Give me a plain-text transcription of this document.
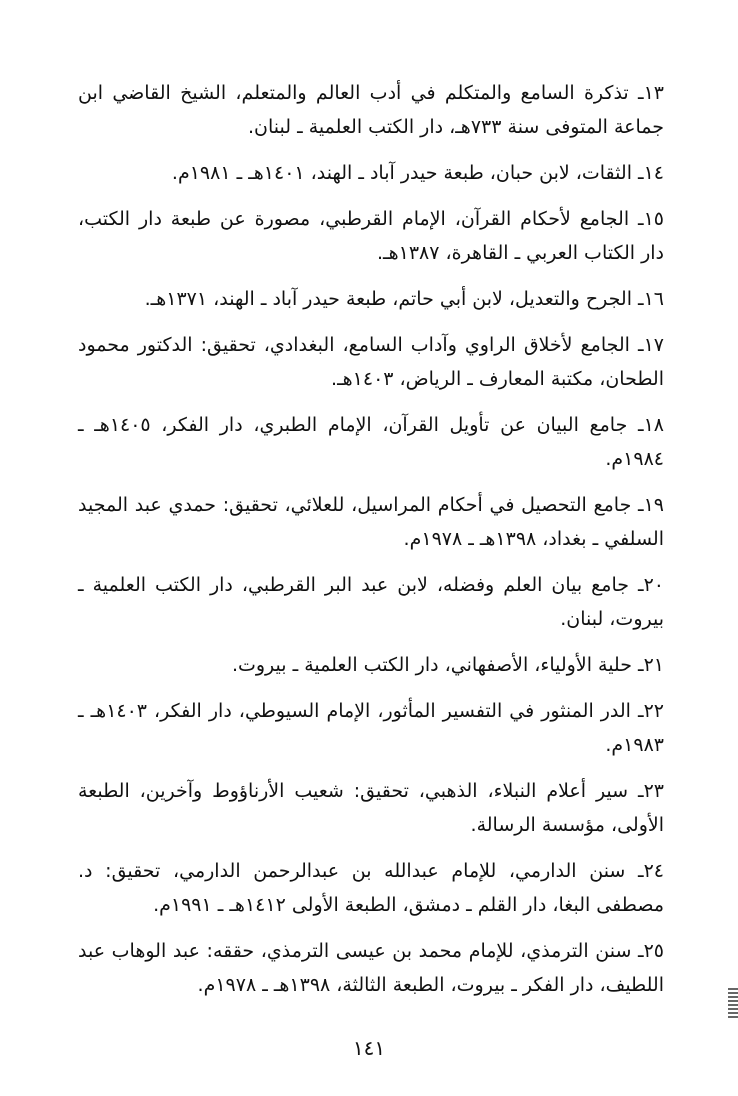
١٣ـ تذكرة السامع والمتكلم في أدب العالم والمتعلم، الشيخ القاضي ابن جماعة المتوفى سنة ٧٣٣هـ، دار الكتب العلمية ـ لبنان.

١٤ـ الثقات، لابن حبان، طبعة حيدر آباد ـ الهند، ١٤٠١هـ ـ ١٩٨١م.

١٥ـ الجامع لأحكام القرآن، الإمام القرطبي، مصورة عن طبعة دار الكتب، دار الكتاب العربي ـ القاهرة، ١٣٨٧هـ.

١٦ـ الجرح والتعديل، لابن أبي حاتم، طبعة حيدر آباد ـ الهند، ١٣٧١هـ.

١٧ـ الجامع لأخلاق الراوي وآداب السامع، البغدادي، تحقيق: الدكتور محمود الطحان، مكتبة المعارف ـ الرياض، ١٤٠٣هـ.

١٨ـ جامع البيان عن تأويل القرآن، الإمام الطبري، دار الفكر، ١٤٠٥هـ ـ ١٩٨٤م.

١٩ـ جامع التحصيل في أحكام المراسيل، للعلائي، تحقيق: حمدي عبد المجيد السلفي ـ بغداد، ١٣٩٨هـ ـ ١٩٧٨م.

٢٠ـ جامع بيان العلم وفضله، لابن عبد البر القرطبي، دار الكتب العلمية ـ بيروت، لبنان.

٢١ـ حلية الأولياء، الأصفهاني، دار الكتب العلمية ـ بيروت.

٢٢ـ الدر المنثور في التفسير المأثور، الإمام السيوطي، دار الفكر، ١٤٠٣هـ ـ ١٩٨٣م.

٢٣ـ سير أعلام النبلاء، الذهبي، تحقيق: شعيب الأرناؤوط وآخرين، الطبعة الأولى، مؤسسة الرسالة.

٢٤ـ سنن الدارمي، للإمام عبدالله بن عبدالرحمن الدارمي، تحقيق: د. مصطفى البغا، دار القلم ـ دمشق، الطبعة الأولى ١٤١٢هـ ـ ١٩٩١م.

٢٥ـ سنن الترمذي، للإمام محمد بن عيسى الترمذي، حققه: عبد الوهاب عبد اللطيف، دار الفكر ـ بيروت، الطبعة الثالثة، ١٣٩٨هـ ـ ١٩٧٨م.

١٤١
